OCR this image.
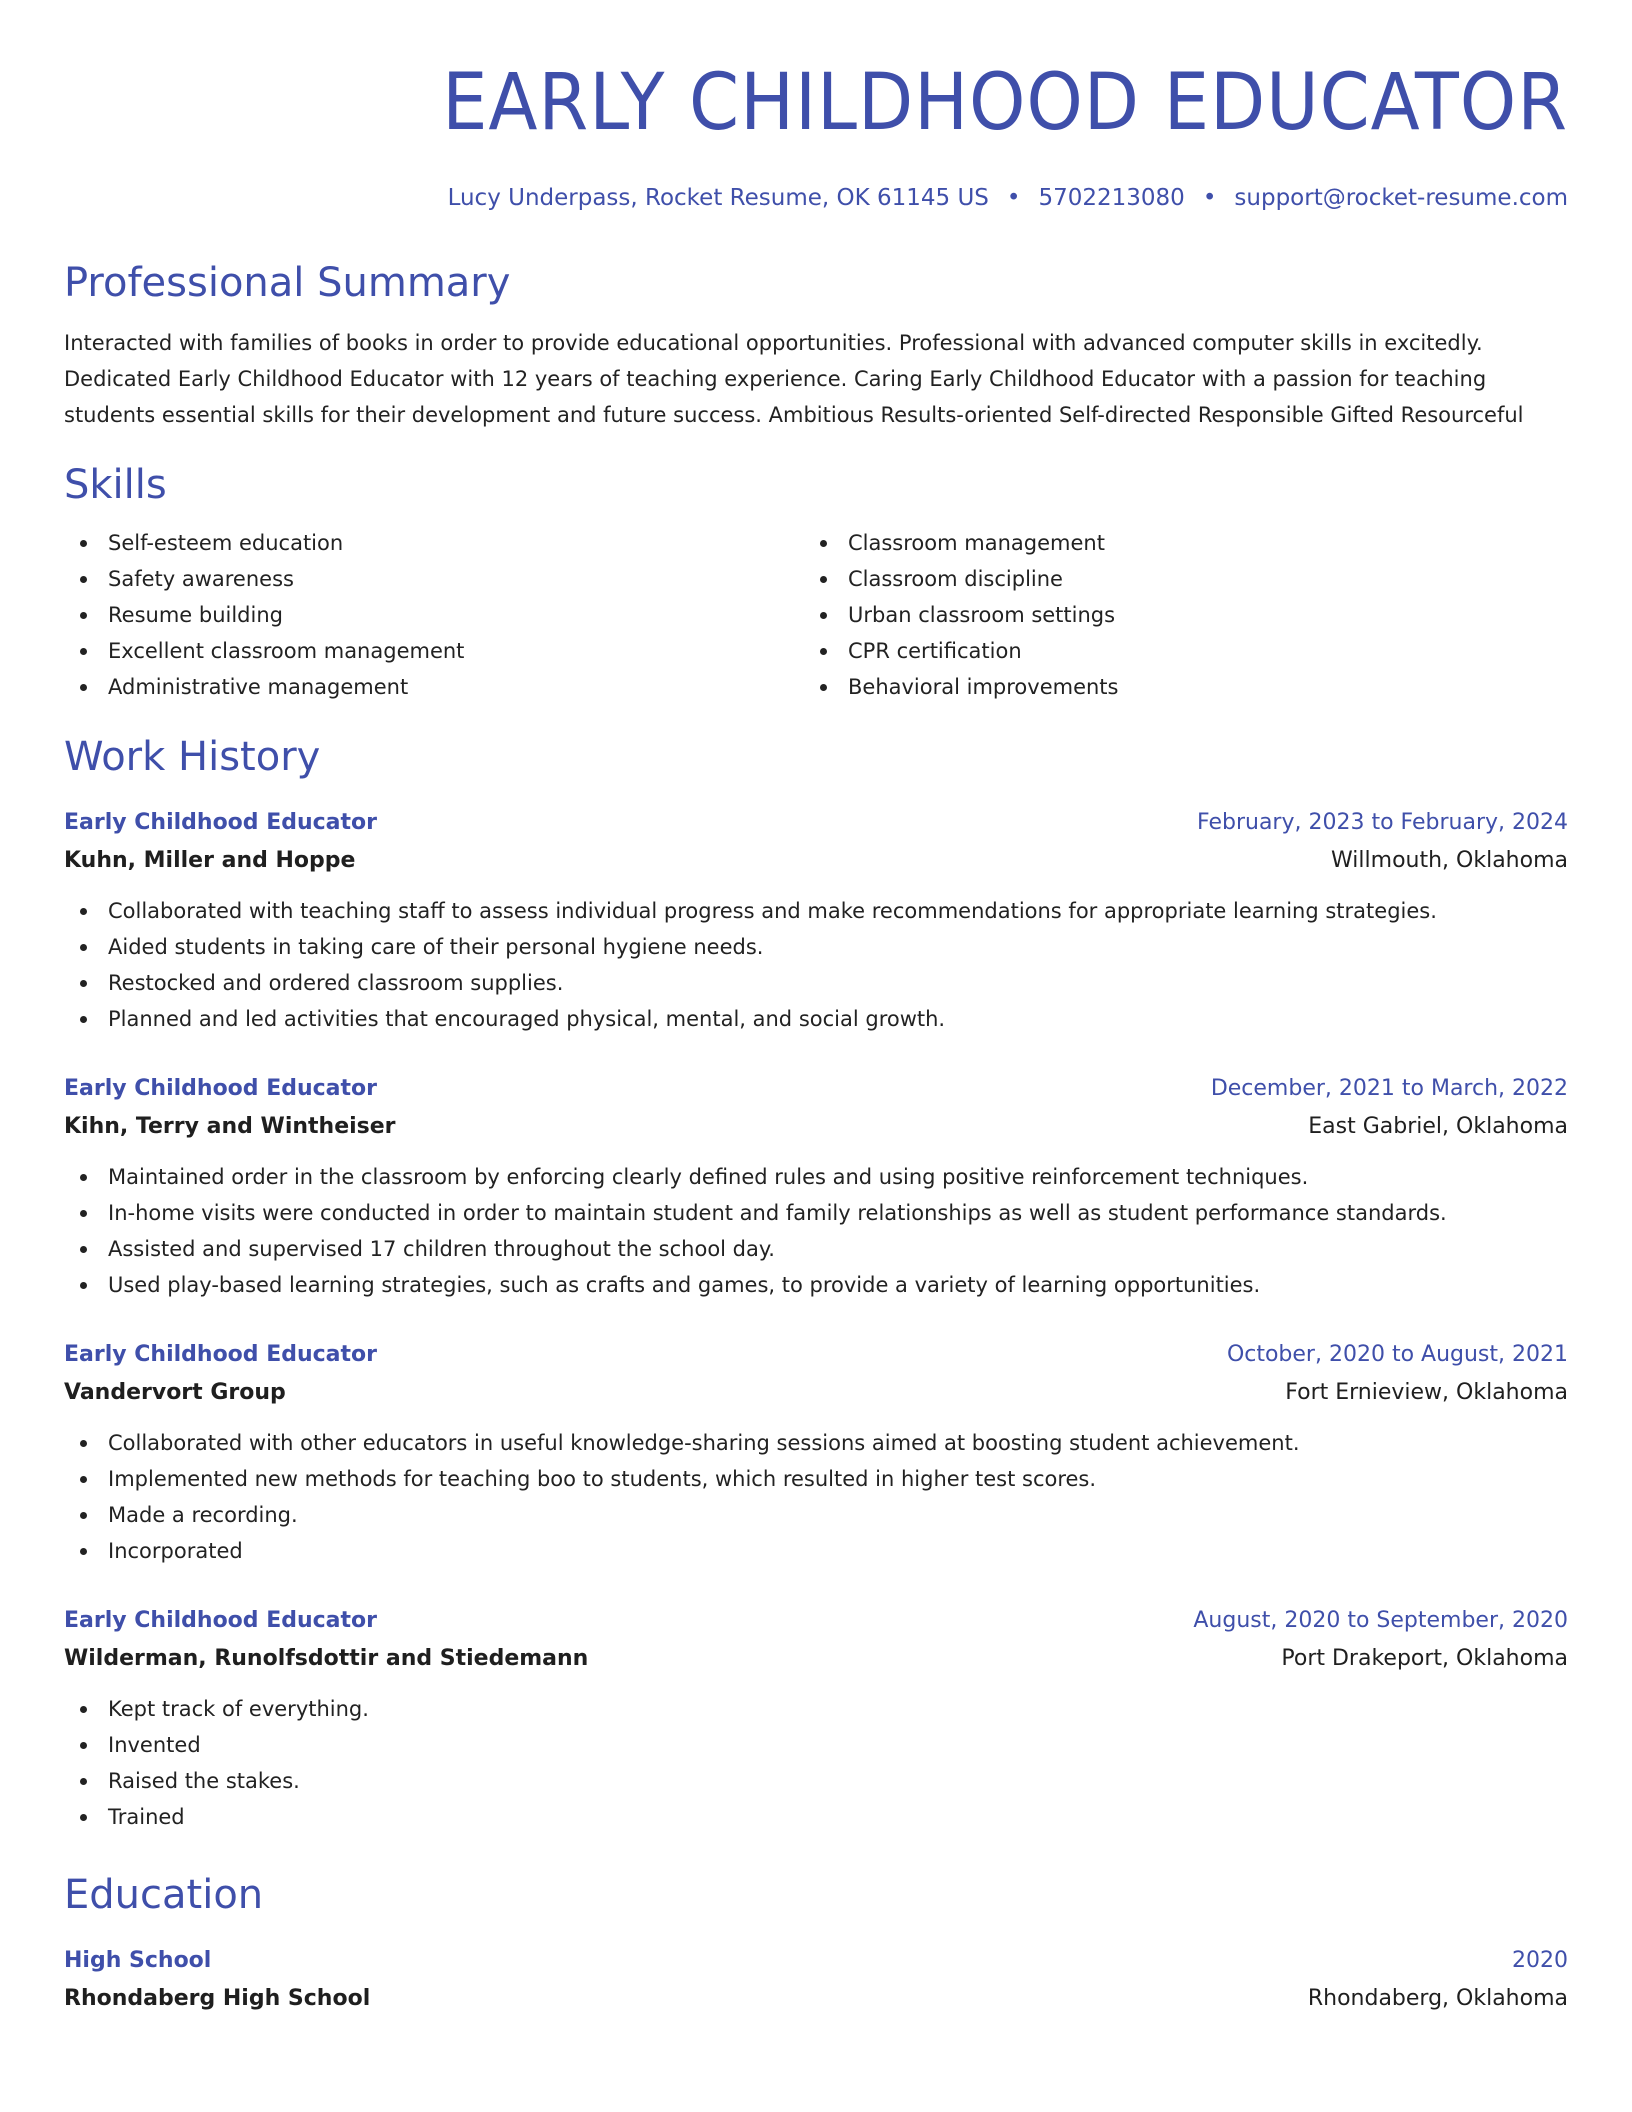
EARLY CHILDHOOD EDUCATOR
Lucy Underpass, Rocket Resume, OK 61145 US • 5702213080 • support@rocket-resume.com
Professional Summary

Interacted with families of books in order to provide educational opportunities. Professional with advanced computer skills in excitedly. Dedicated Early Childhood Educator with 12 years of teaching experience. Caring Early Childhood Educator with a passion for teaching students essential skills for their development and future success. Ambitious Results-oriented Self-directed Responsible Gifted Resourceful

Skills
Self-esteem education
Safety awareness
Resume building
Excellent classroom management
Administrative management
Classroom management
Classroom discipline
Urban classroom settings
CPR certification
Behavioral improvements
Work History
Early Childhood Educator	February, 2023 to February, 2024
Kuhn, Miller and Hoppe	Willmouth, Oklahoma
Collaborated with teaching staff to assess individual progress and make recommendations for appropriate learning strategies.
Aided students in taking care of their personal hygiene needs.
Restocked and ordered classroom supplies.
Planned and led activities that encouraged physical, mental, and social growth.
Early Childhood Educator	December, 2021 to March, 2022
Kihn, Terry and Wintheiser	East Gabriel, Oklahoma
Maintained order in the classroom by enforcing clearly defined rules and using positive reinforcement techniques.
In-home visits were conducted in order to maintain student and family relationships as well as student performance standards.
Assisted and supervised 17 children throughout the school day.
Used play-based learning strategies, such as crafts and games, to provide a variety of learning opportunities.
Early Childhood Educator	October, 2020 to August, 2021
Vandervort Group	Fort Ernieview, Oklahoma
Collaborated with other educators in useful knowledge-sharing sessions aimed at boosting student achievement.
Implemented new methods for teaching boo to students, which resulted in higher test scores.
Made a recording.
Incorporated
Early Childhood Educator	August, 2020 to September, 2020
Wilderman, Runolfsdottir and Stiedemann	Port Drakeport, Oklahoma
Kept track of everything.
Invented
Raised the stakes.
Trained
Education
High School	2020
Rhondaberg High School	Rhondaberg, Oklahoma
